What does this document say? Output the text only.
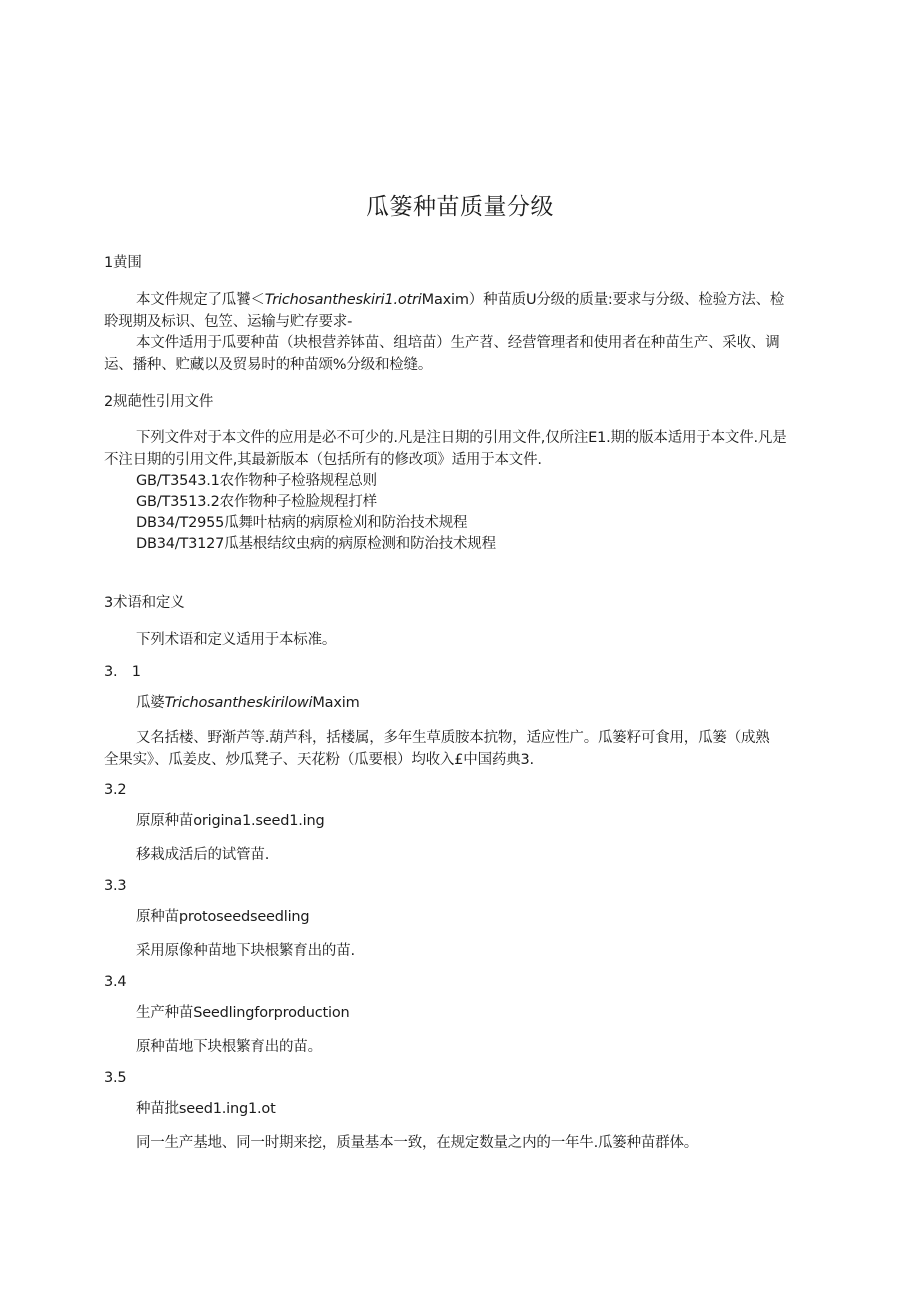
瓜篓种苗质量分级
1黄围
本文件规定了瓜饕＜Trichosantheskiri1.otriMaxim）种苗质U分级的质量:要求与分级、检验方法、检
聆现期及标识、包笠、运输与贮存要求-
本文件适用于瓜要种苗（块根营养钵苗、组培苗）生产苕、经营管理者和使用者在种苗生产、采收、调
运、播种、贮藏以及贸易时的种苗颂%分级和检缝。
2规葩性引用文件
下列文件对于本文件的应用是必不可少的.凡是注日期的引用文件,仅所注E1.期的版本适用于本文件.凡是
不注日期的引用文件,其最新版本（包括所有的修改项》适用于本文件.
GB/T3543.1农作物种子检骆规程总则
GB/T3513.2农作物种子检脸规程打样
DB34/T2955瓜舞叶枯病的病原检刈和防治技术规程
DB34/T3127瓜基根结纹虫病的病原检测和防治技术规程
3术语和定义
下列术语和定义适用于本标准。
3.　1
瓜婆TrichosantheskirilowiMaxim
又名括楼、野渐芦等.葫芦科，括楼属，多年生草质胺本抗物，适应性广。瓜篓籽可食用，瓜篓（成熟
全果实》、瓜姜皮、炒瓜凳子、天花粉（瓜要根）均收入£中国药典3.
3.2
原原种苗origina1.seed1.ing
移栽成活后的试管苗.
3.3
原种苗protoseedseedling
采用原像种苗地下块根繁育出的苗.
3.4
生产种苗Seedlingforproduction
原种苗地下块根繁育出的苗。
3.5
种苗批seed1.ing1.ot
同一生产基地、同一时期来挖，质量基本一致，在规定数量之内的一年牛.瓜篓种苗群体。
